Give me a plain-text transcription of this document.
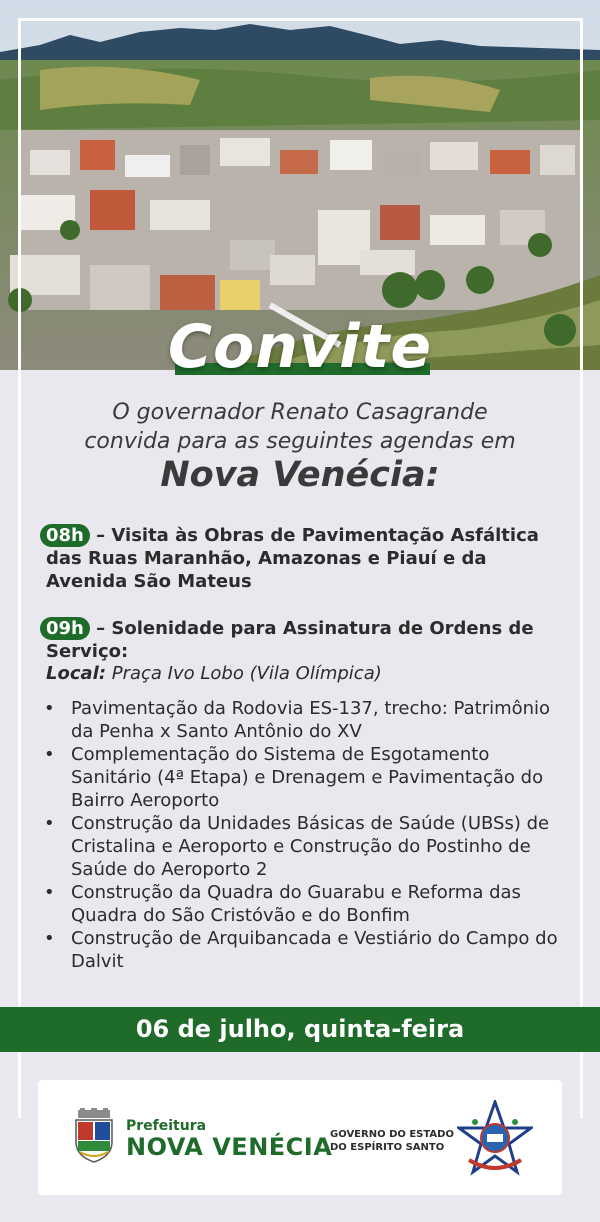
Convite
O governador Renato Casagrande
convida para as seguintes agendas em
Nova Venécia:
08h – Visita às Obras de Pavimentação Asfáltica das Ruas Maranhão, Amazonas e Piauí e da Avenida São Mateus
09h – Solenidade para Assinatura de Ordens de Serviço:
Local: Praça Ivo Lobo (Vila Olímpica)
• Pavimentação da Rodovia ES-137, trecho: Patrimônio da Penha x Santo Antônio do XV
• Complementação do Sistema de Esgotamento Sanitário (4ª Etapa) e Drenagem e Pavimentação do Bairro Aeroporto
• Construção da Unidades Básicas de Saúde (UBSs) de Cristalina e Aeroporto e Construção do Postinho de Saúde do Aeroporto 2
• Construção da Quadra do Guarabu e Reforma das Quadra do São Cristóvão e do Bonfim
• Construção de Arquibancada e Vestiário do Campo do Dalvit
06 de julho, quinta-feira
Prefeitura
NOVA VENÉCIA
GOVERNO DO ESTADO
DO ESPÍRITO SANTO
